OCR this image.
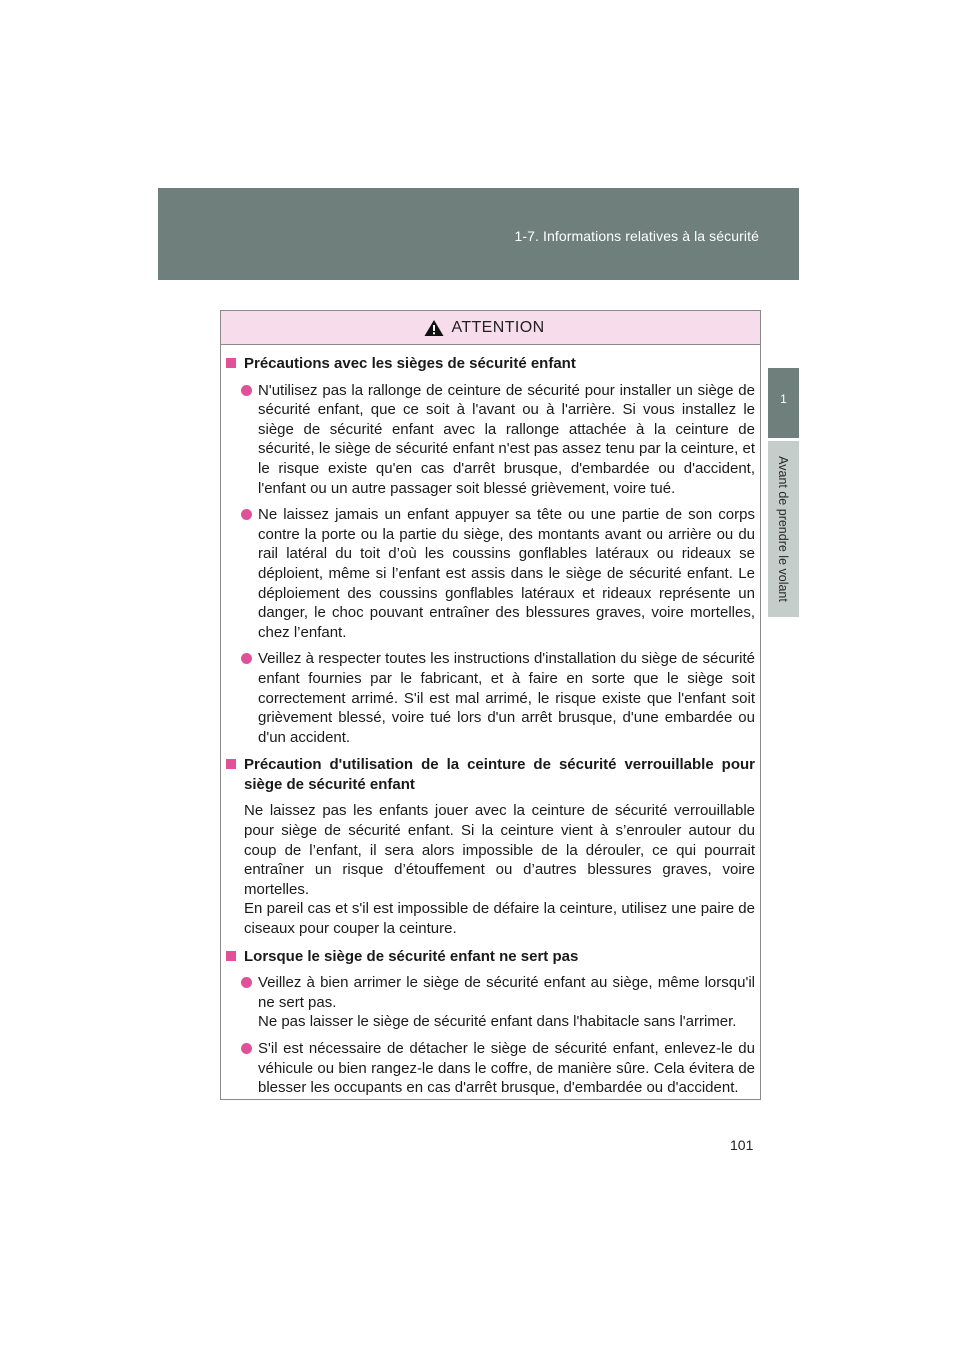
1-7. Informations relatives à la sécurité
1
Avant de prendre le volant
ATTENTION
Précautions avec les sièges de sécurité enfant
N'utilisez pas la rallonge de ceinture de sécurité pour installer un siège de sécurité enfant, que ce soit à l'avant ou à l'arrière. Si vous installez le siège de sécurité enfant avec la rallonge attachée à la ceinture de sécurité, le siège de sécurité enfant n'est pas assez tenu par la ceinture, et le risque existe qu'en cas d'arrêt brusque, d'embardée ou d'accident, l'enfant ou un autre passager soit blessé grièvement, voire tué.
Ne laissez jamais un enfant appuyer sa tête ou une partie de son corps contre la porte ou la partie du siège, des montants avant ou arrière ou du rail latéral du toit d’où les coussins gonflables latéraux ou rideaux se déploient, même si l’enfant est assis dans le siège de sécurité enfant. Le déploiement des coussins gonflables latéraux et rideaux représente un danger, le choc pouvant entraîner des blessures graves, voire mortelles, chez l’enfant.
Veillez à respecter toutes les instructions d'installation du siège de sécurité enfant fournies par le fabricant, et à faire en sorte que le siège soit correctement arrimé. S'il est mal arrimé, le risque existe que l'enfant soit grièvement blessé, voire tué lors d'un arrêt brusque, d'une embardée ou d'un accident.
Précaution d'utilisation de la ceinture de sécurité verrouillable pour siège de sécurité enfant
Ne laissez pas les enfants jouer avec la ceinture de sécurité verrouillable pour siège de sécurité enfant. Si la ceinture vient à s’enrouler autour du coup de l’enfant, il sera alors impossible de la dérouler, ce qui pourrait entraîner un risque d’étouffement ou d’autres blessures graves, voire mortelles.
En pareil cas et s'il est impossible de défaire la ceinture, utilisez une paire de ciseaux pour couper la ceinture.
Lorsque le siège de sécurité enfant ne sert pas
Veillez à bien arrimer le siège de sécurité enfant au siège, même lorsqu'il ne sert pas.
Ne pas laisser le siège de sécurité enfant dans l'habitacle sans l'arrimer.
S'il est nécessaire de détacher le siège de sécurité enfant, enlevez-le du véhicule ou bien rangez-le dans le coffre, de manière sûre. Cela évitera de blesser les occupants en cas d'arrêt brusque, d'embardée ou d'accident.
101
